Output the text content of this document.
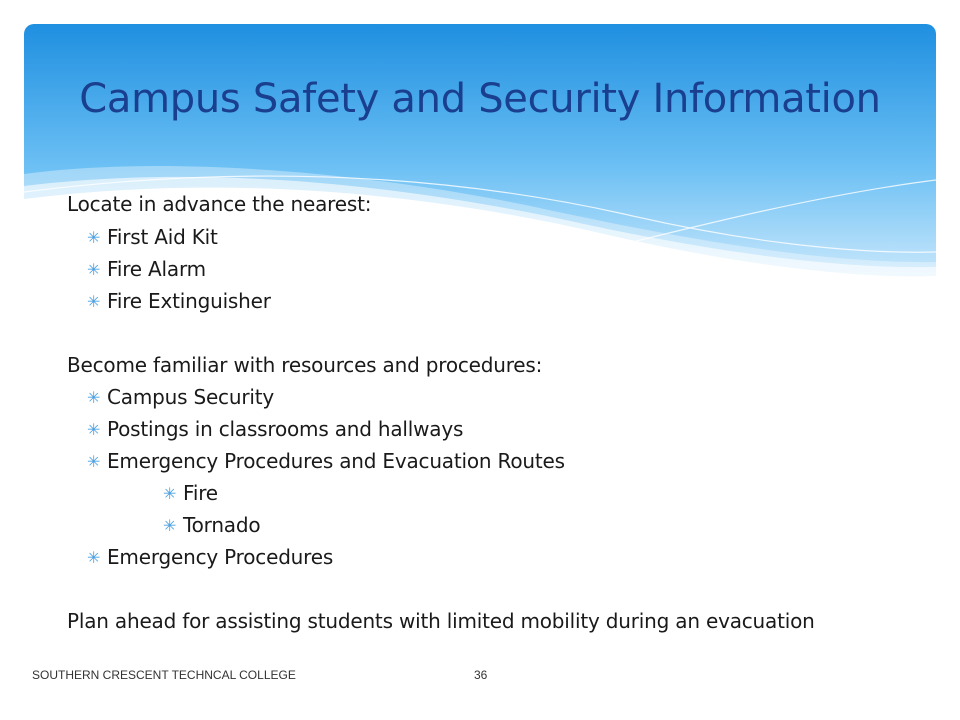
Campus Safety and Security Information
Locate in advance the nearest:
✳ First Aid Kit
✳ Fire Alarm
✳ Fire Extinguisher
Become familiar with resources and procedures:
✳ Campus Security
✳ Postings in classrooms and hallways
✳ Emergency Procedures and Evacuation Routes
✳ Fire
✳ Tornado
✳ Emergency Procedures
Plan ahead for assisting students with limited mobility during an evacuation
SOUTHERN CRESCENT TECHNCAL COLLEGE	36
